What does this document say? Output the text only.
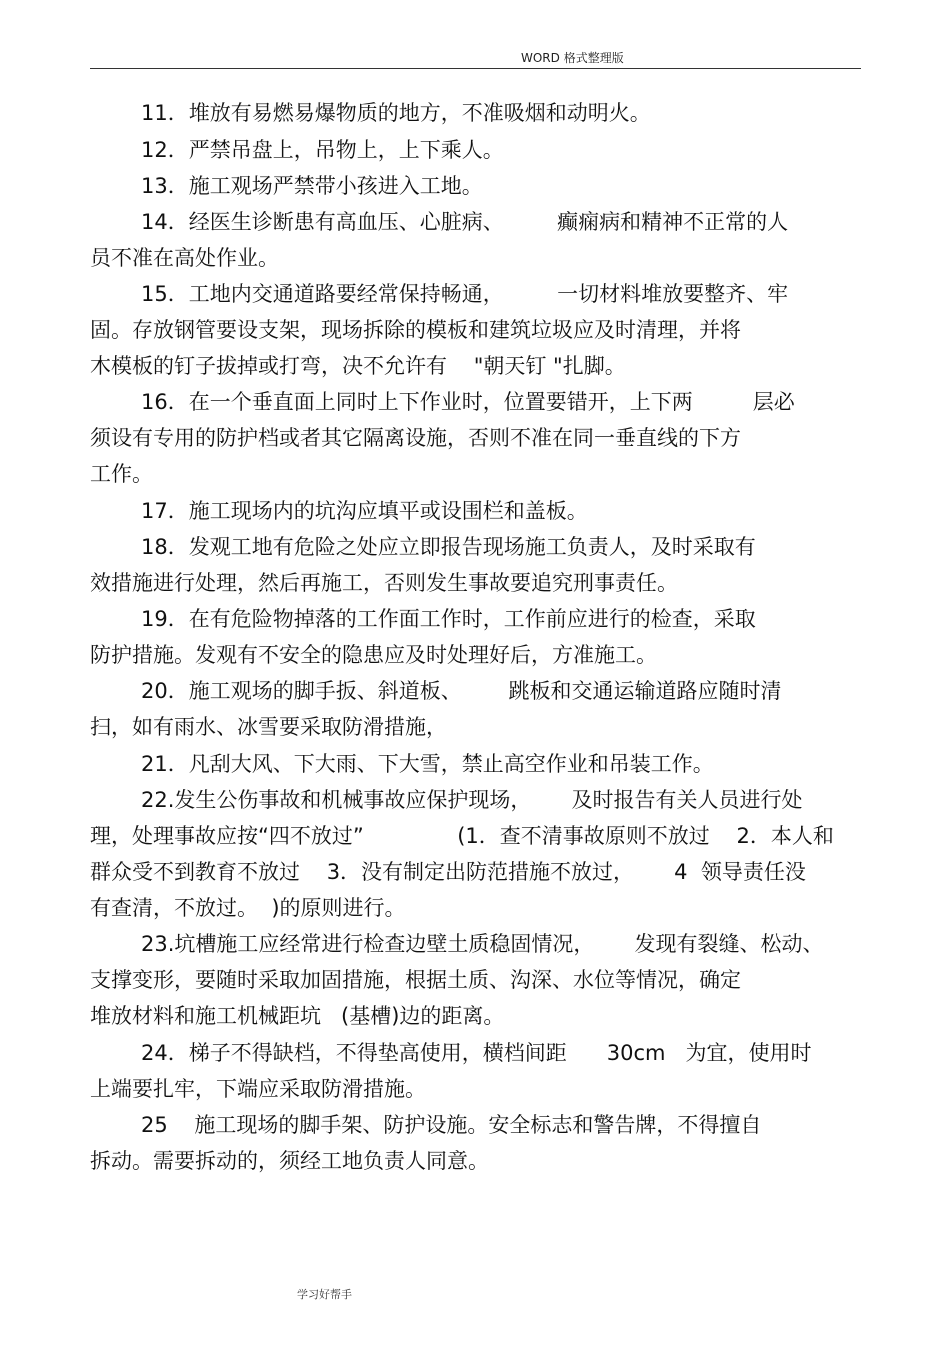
WORD 格式整理版
11．堆放有易燃易爆物质的地方，不准吸烟和动明火。
12．严禁吊盘上，吊物上，上下乘人。
13．施工观场严禁带小孩进入工地。
14．经医生诊断患有高血压、心脏病、        癫痫病和精神不正常的人
员不准在高处作业。
15．工地内交通道路要经常保持畅通，        一切材料堆放要整齐、牢
固。存放钢管要设支架，现场拆除的模板和建筑垃圾应及时清理，并将
木模板的钉子拔掉或打弯，决不允许有    "朝天钉 "扎脚。
16．在一个垂直面上同时上下作业时，位置要错开，上下两         层必
须设有专用的防护档或者其它隔离设施，否则不准在同一垂直线的下方
工作。
17．施工现场内的坑沟应填平或设围栏和盖板。
18．发观工地有危险之处应立即报告现场施工负责人，及时采取有
效措施进行处理，然后再施工，否则发生事故要追究刑事责任。
19．在有危险物掉落的工作面工作时，工作前应进行的检查，采取
防护措施。发观有不安全的隐患应及时处理好后，方准施工。
20．施工观场的脚手扳、斜道板、       跳板和交通运输道路应随时清
扫，如有雨水、冰雪要采取防滑措施，
21．凡刮大风、下大雨、下大雪，禁止高空作业和吊装工作。
22.发生公伤事故和机械事故应保护现场，      及时报告有关人员进行处
理，处理事故应按“四不放过”              (1．查不清事故原则不放过    2．本人和
群众受不到教育不放过    3．没有制定出防范措施不放过，      4  领导责任没
有查清，不放过。  )的原则进行。
23.坑槽施工应经常进行检查边壁土质稳固情况，      发现有裂缝、松动、
支撑变形，要随时采取加固措施，根据土质、沟深、水位等情况，确定
堆放材料和施工机械距坑   (基槽)边的距离。
24．梯子不得缺档，不得垫高使用，横档间距      30cm   为宜，使用时
上端要扎牢，下端应采取防滑措施。
25    施工现场的脚手架、防护设施。安全标志和警告牌，不得擅自
拆动。需要拆动的，须经工地负责人同意。
学习好帮手
